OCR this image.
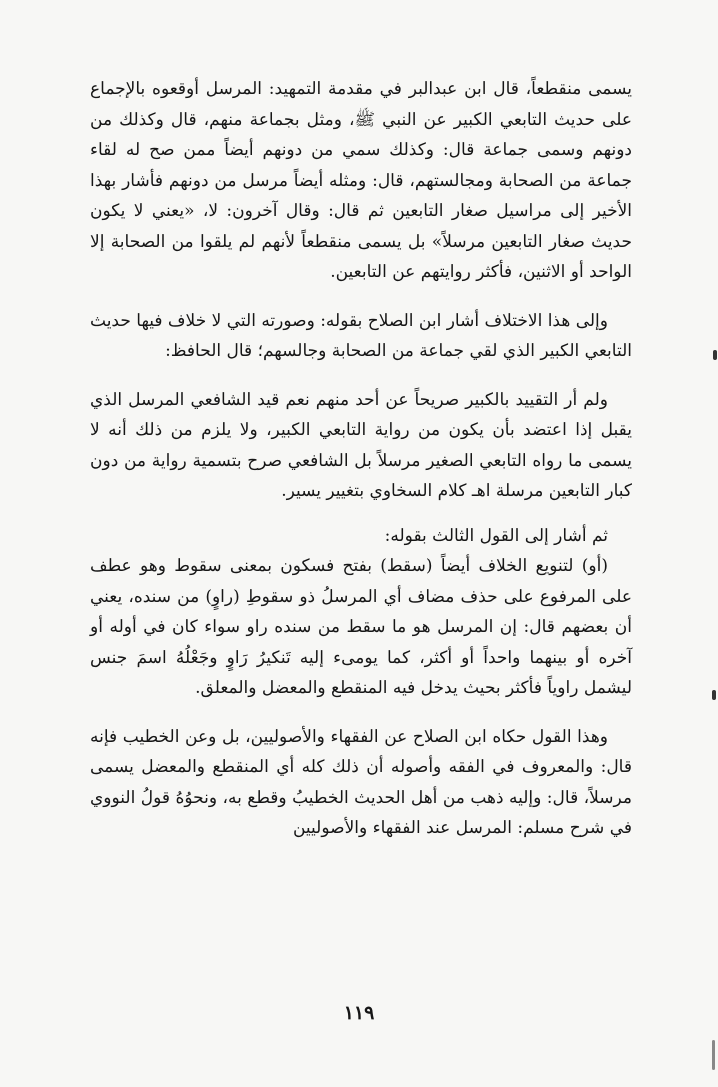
يسمى منقطعاً، قال ابن عبدالبر في مقدمة التمهيد: المرسل أوقعوه بالإجماع على حديث التابعي الكبير عن النبي ﷺ، ومثل بجماعة منهم، قال وكذلك من دونهم وسمى جماعة قال: وكذلك سمي من دونهم أيضاً ممن صح له لقاء جماعة من الصحابة ومجالستهم، قال: ومثله أيضاً مرسل من دونهم فأشار بهذا الأخير إلى مراسيل صغار التابعين ثم قال: وقال آخرون: لا، «يعني لا يكون حديث صغار التابعين مرسلاً» بل يسمى منقطعاً لأنهم لم يلقوا من الصحابة إلا الواحد أو الاثنين، فأكثر روايتهم عن التابعين.

وإلى هذا الاختلاف أشار ابن الصلاح بقوله: وصورته التي لا خلاف فيها حديث التابعي الكبير الذي لقي جماعة من الصحابة وجالسهم؛ قال الحافظ:

ولم أر التقييد بالكبير صريحاً عن أحد منهم نعم قيد الشافعي المرسل الذي يقبل إذا اعتضد بأن يكون من رواية التابعي الكبير، ولا يلزم من ذلك أنه لا يسمى ما رواه التابعي الصغير مرسلاً بل الشافعي صرح بتسمية رواية من دون كبار التابعين مرسلة اهـ كلام السخاوي بتغيير يسير.

ثم أشار إلى القول الثالث بقوله:

(أو) لتنويع الخلاف أيضاً (سقط) بفتح فسكون بمعنى سقوط وهو عطف على المرفوع على حذف مضاف أي المرسلُ ذو سقوطِ (راوٍ) من سنده، يعني أن بعضهم قال: إن المرسل هو ما سقط من سنده راو سواء كان في أوله أو آخره أو بينهما واحداً أو أكثر، كما يومىء إليه تَنكيرُ رَاوٍ وجَعْلُهُ اسمَ جنس ليشمل راوياً فأكثر بحيث يدخل فيه المنقطع والمعضل والمعلق.

وهذا القول حكاه ابن الصلاح عن الفقهاء والأصوليين، بل وعن الخطيب فإنه قال: والمعروف في الفقه وأصوله أن ذلك كله أي المنقطع والمعضل يسمى مرسلاً، قال: وإليه ذهب من أهل الحديث الخطيبُ وقطع به، ونحوُهُ قولُ النووي في شرح مسلم: المرسل عند الفقهاء والأصوليين

١١٩
